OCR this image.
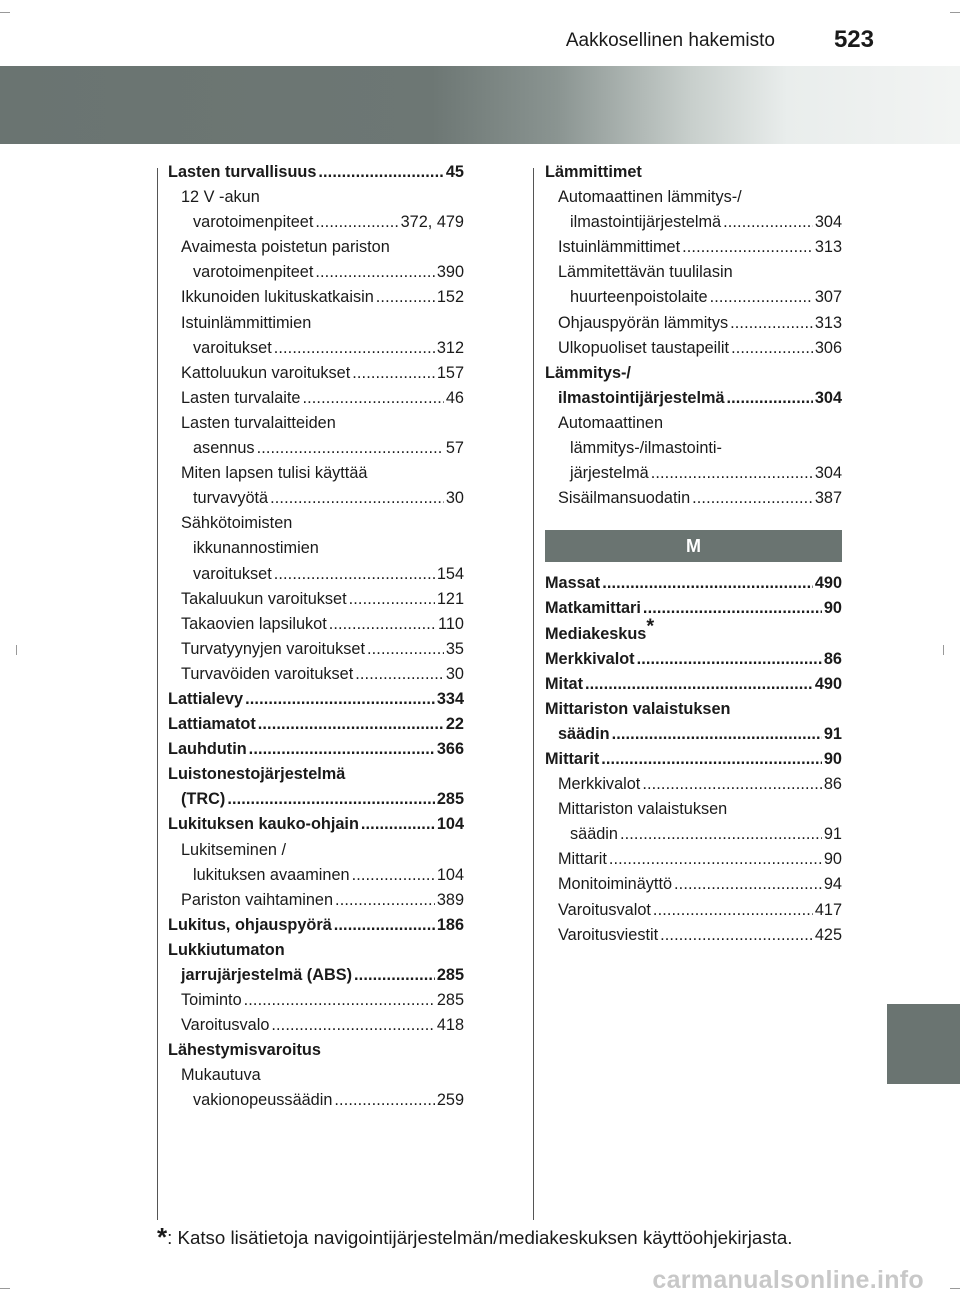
Aakkosellinen hakemisto 523
Lasten turvallisuus . . .	45
12 V -akun
varotoimenpiteet . . .	372, 479
Avaimesta poistetun pariston
varotoimenpiteet . . .	390
Ikkunoiden lukituskatkaisin . . .	152
Istuinlämmittimien
varoitukset . . .	312
Kattoluukun varoitukset . . .	157
Lasten turvalaite . . .	46
Lasten turvalaitteiden
asennus . . .	57
Miten lapsen tulisi käyttää
turvavyötä . . .	30
Sähkötoimisten
ikkunannostimien
varoitukset . . .	154
Takaluukun varoitukset . . .	121
Takaovien lapsilukot . . .	110
Turvatyynyjen varoitukset . . .	35
Turvavöiden varoitukset . . .	30
Lattialevy . . .	334
Lattiamatot . . .	22
Lauhdutin . . .	366
Luistonestojärjestelmä
(TRC) . . .	285
Lukituksen kauko-ohjain . . .	104
Lukitseminen /
lukituksen avaaminen . . .	104
Pariston vaihtaminen . . .	389
Lukitus, ohjauspyörä . . .	186
Lukkiutumaton
jarrujärjestelmä (ABS) . . .	285
Toiminto . . .	285
Varoitusvalo . . .	418
Lähestymisvaroitus
Mukautuva
vakionopeussäädin . . .	259
Lämmittimet
Automaattinen lämmitys-/
ilmastointijärjestelmä . . .	304
Istuinlämmittimet . . .	313
Lämmitettävän tuulilasin
huurteenpoistolaite . . .	307
Ohjauspyörän lämmitys . . .	313
Ulkopuoliset taustapeilit . . .	306
Lämmitys-/
ilmastointijärjestelmä . . .	304
Automaattinen
lämmitys-/ilmastointi-
järjestelmä . . .	304
Sisäilmansuodatin . . .	387
M
Massat . . .	490
Matkamittari . . .	90
Mediakeskus*
Merkkivalot . . .	86
Mitat . . .	490
Mittariston valaistuksen
säädin . . .	91
Mittarit . . .	90
Merkkivalot . . .	86
Mittariston valaistuksen
säädin . . .	91
Mittarit . . .	90
Monitoiminäyttö . . .	94
Varoitusvalot . . .	417
Varoitusviestit . . .	425
*: Katso lisätietoja navigointijärjestelmän/mediakeskuksen käyttöohjekirjasta.
carmanualsonline.info
